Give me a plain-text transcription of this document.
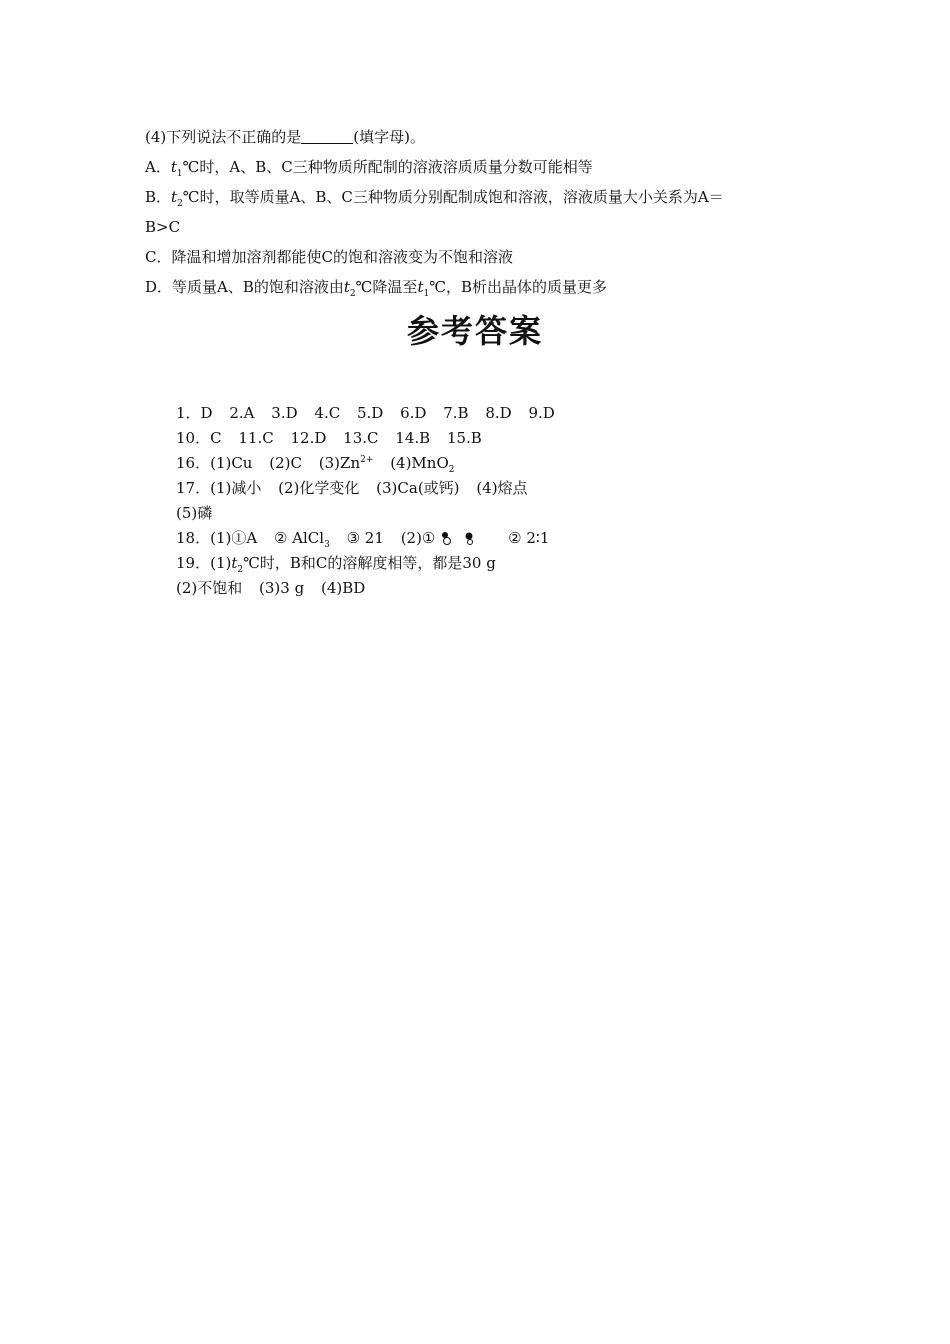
(4)下列说法不正确的是	(填字母)。
A．$t_1℃$时，A、B、C三种物质所配制的溶液溶质质量分数可能相等
B．$t_2℃$时，取等质量A、B、C三种物质分别配制成饱和溶液，溶液质量大小关系为A＝
B>C
C．降温和增加溶剂都能使C的饱和溶液变为不饱和溶液
D．等质量A、B的饱和溶液由$t_2℃$降温至$t_1℃$，B析出晶体的质量更多
参考答案
1．D 2.A 3.D 4.C 5.D 6.D 7.B 8.D 9.D
10．C 11.C 12.D 13.C 14.B 15.B
16．(1)Cu (2)C $(3)Zn^{2+}$ (4)MnO$_2$
17．(1)减小 (2)化学变化 (3)Ca(或钙) (4)熔点
(5)磷
18．(1)①A ② AlCl$_3$ ③ 21 (2)①	② 2∶1
19．$(1)t_2℃$时，B和C的溶解度相等，都是30 g
(2)不饱和 (3)3 g (4)BD
